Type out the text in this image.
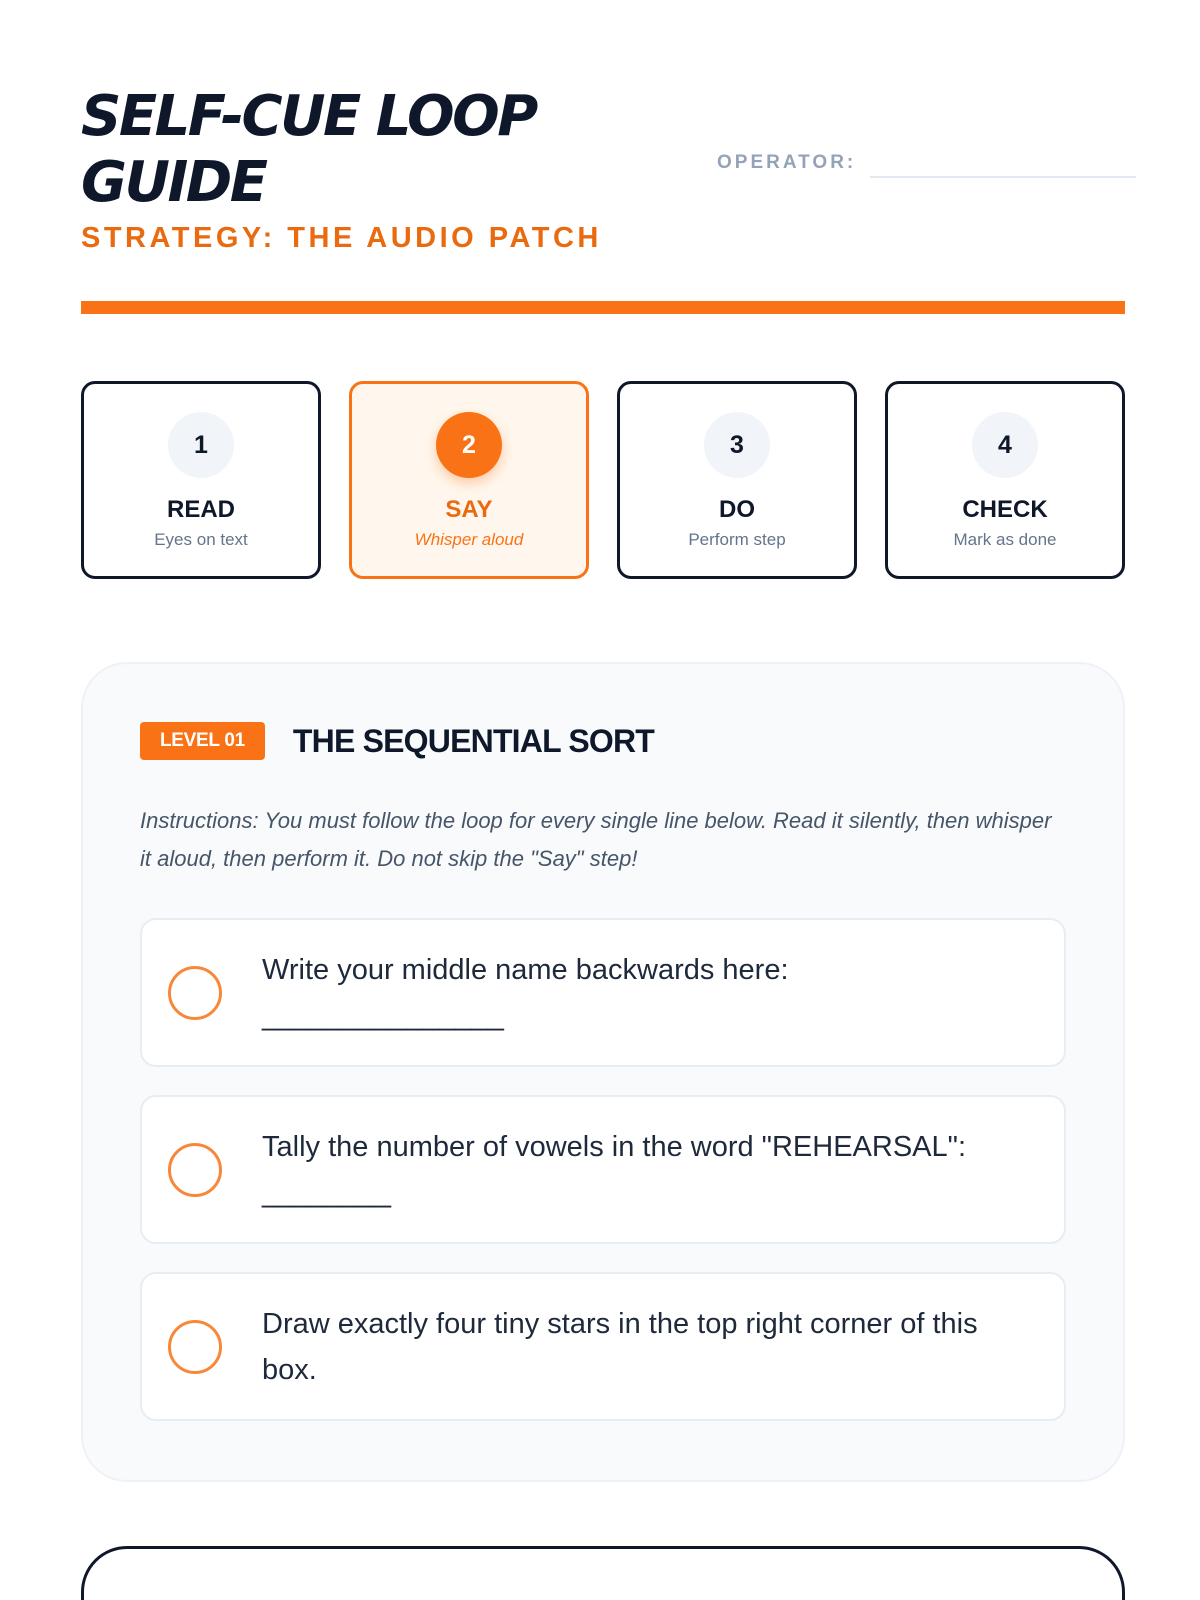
SELF-CUE LOOP GUIDE
STRATEGY: THE AUDIO PATCH
OPERATOR:
1
READ
Eyes on text
2
SAY
Whisper aloud
3
DO
Perform step
4
CHECK
Mark as done
LEVEL 01	THE SEQUENTIAL SORT
Instructions: You must follow the loop for every single line below. Read it silently, then whisper it aloud, then perform it. Do not skip the "Say" step!
Write your middle name backwards here: _______________
Tally the number of vowels in the word "REHEARSAL": ________
Draw exactly four tiny stars in the top right corner of this box.
